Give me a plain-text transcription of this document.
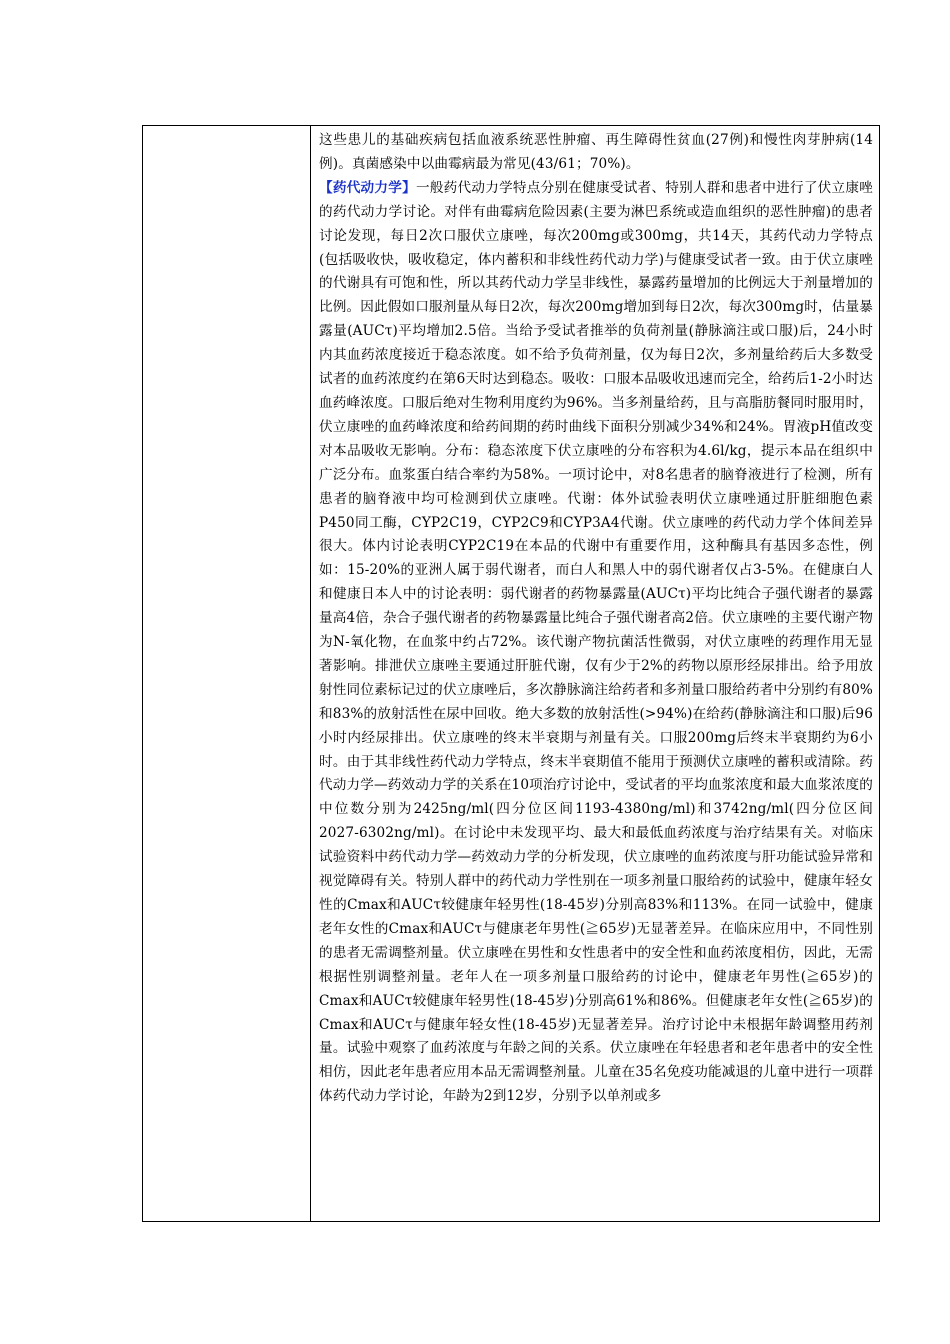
这些患儿的基础疾病包括血液系统恶性肿瘤、再生障碍性贫血(27例)和慢性肉芽肿病(14例)。真菌感染中以曲霉病最为常见(43/61；70%)。
【药代动力学】一般药代动力学特点分别在健康受试者、特别人群和患者中进行了伏立康唑的药代动力学讨论。对伴有曲霉病危险因素(主要为淋巴系统或造血组织的恶性肿瘤)的患者讨论发现，每日2次口服伏立康唑，每次200mg或300mg，共14天，其药代动力学特点(包括吸收快，吸收稳定，体内蓄积和非线性药代动力学)与健康受试者一致。由于伏立康唑的代谢具有可饱和性，所以其药代动力学呈非线性，暴露药量增加的比例远大于剂量增加的比例。因此假如口服剂量从每日2次，每次200mg增加到每日2次，每次300mg时，估量暴露量(AUCτ)平均增加2.5倍。当给予受试者推举的负荷剂量(静脉滴注或口服)后，24小时内其血药浓度接近于稳态浓度。如不给予负荷剂量，仅为每日2次，多剂量给药后大多数受试者的血药浓度约在第6天时达到稳态。吸收：口服本品吸收迅速而完全，给药后1-2小时达血药峰浓度。口服后绝对生物利用度约为96%。当多剂量给药，且与高脂肪餐同时服用时，伏立康唑的血药峰浓度和给药间期的药时曲线下面积分别减少34%和24%。胃液pH值改变对本品吸收无影响。分布：稳态浓度下伏立康唑的分布容积为4.6l/kg，提示本品在组织中广泛分布。血浆蛋白结合率约为58%。一项讨论中，对8名患者的脑脊液进行了检测，所有患者的脑脊液中均可检测到伏立康唑。代谢：体外试验表明伏立康唑通过肝脏细胞色素P450同工酶，CYP2C19，CYP2C9和CYP3A4代谢。伏立康唑的药代动力学个体间差异很大。体内讨论表明CYP2C19在本品的代谢中有重要作用，这种酶具有基因多态性，例如：15-20%的亚洲人属于弱代谢者，而白人和黑人中的弱代谢者仅占3-5%。在健康白人和健康日本人中的讨论表明：弱代谢者的药物暴露量(AUCτ)平均比纯合子强代谢者的暴露量高4倍，杂合子强代谢者的药物暴露量比纯合子强代谢者高2倍。伏立康唑的主要代谢产物为N-氧化物，在血浆中约占72%。该代谢产物抗菌活性微弱，对伏立康唑的药理作用无显著影响。排泄伏立康唑主要通过肝脏代谢，仅有少于2%的药物以原形经尿排出。给予用放射性同位素标记过的伏立康唑后，多次静脉滴注给药者和多剂量口服给药者中分别约有80%和83%的放射活性在尿中回收。绝大多数的放射活性(>94%)在给药(静脉滴注和口服)后96小时内经尿排出。伏立康唑的终末半衰期与剂量有关。口服200mg后终末半衰期约为6小时。由于其非线性药代动力学特点，终末半衰期值不能用于预测伏立康唑的蓄积或清除。药代动力学—药效动力学的关系在10项治疗讨论中，受试者的平均血浆浓度和最大血浆浓度的中位数分别为2425ng/ml(四分位区间1193-4380ng/ml)和3742ng/ml(四分位区间2027-6302ng/ml)。在讨论中未发现平均、最大和最低血药浓度与治疗结果有关。对临床试验资料中药代动力学—药效动力学的分析发现，伏立康唑的血药浓度与肝功能试验异常和视觉障碍有关。特别人群中的药代动力学性别在一项多剂量口服给药的试验中，健康年轻女性的Cmax和AUCτ较健康年轻男性(18-45岁)分别高83%和113%。在同一试验中，健康老年女性的Cmax和AUCτ与健康老年男性(≧65岁)无显著差异。在临床应用中，不同性别的患者无需调整剂量。伏立康唑在男性和女性患者中的安全性和血药浓度相仿，因此，无需根据性别调整剂量。老年人在一项多剂量口服给药的讨论中，健康老年男性(≧65岁)的Cmax和AUCτ较健康年轻男性(18-45岁)分别高61%和86%。但健康老年女性(≧65岁)的Cmax和AUCτ与健康年轻女性(18-45岁)无显著差异。治疗讨论中未根据年龄调整用药剂量。试验中观察了血药浓度与年龄之间的关系。伏立康唑在年轻患者和老年患者中的安全性相仿，因此老年患者应用本品无需调整剂量。儿童在35名免疫功能减退的儿童中进行一项群体药代动力学讨论，年龄为2到12岁，分别予以单剂或多
